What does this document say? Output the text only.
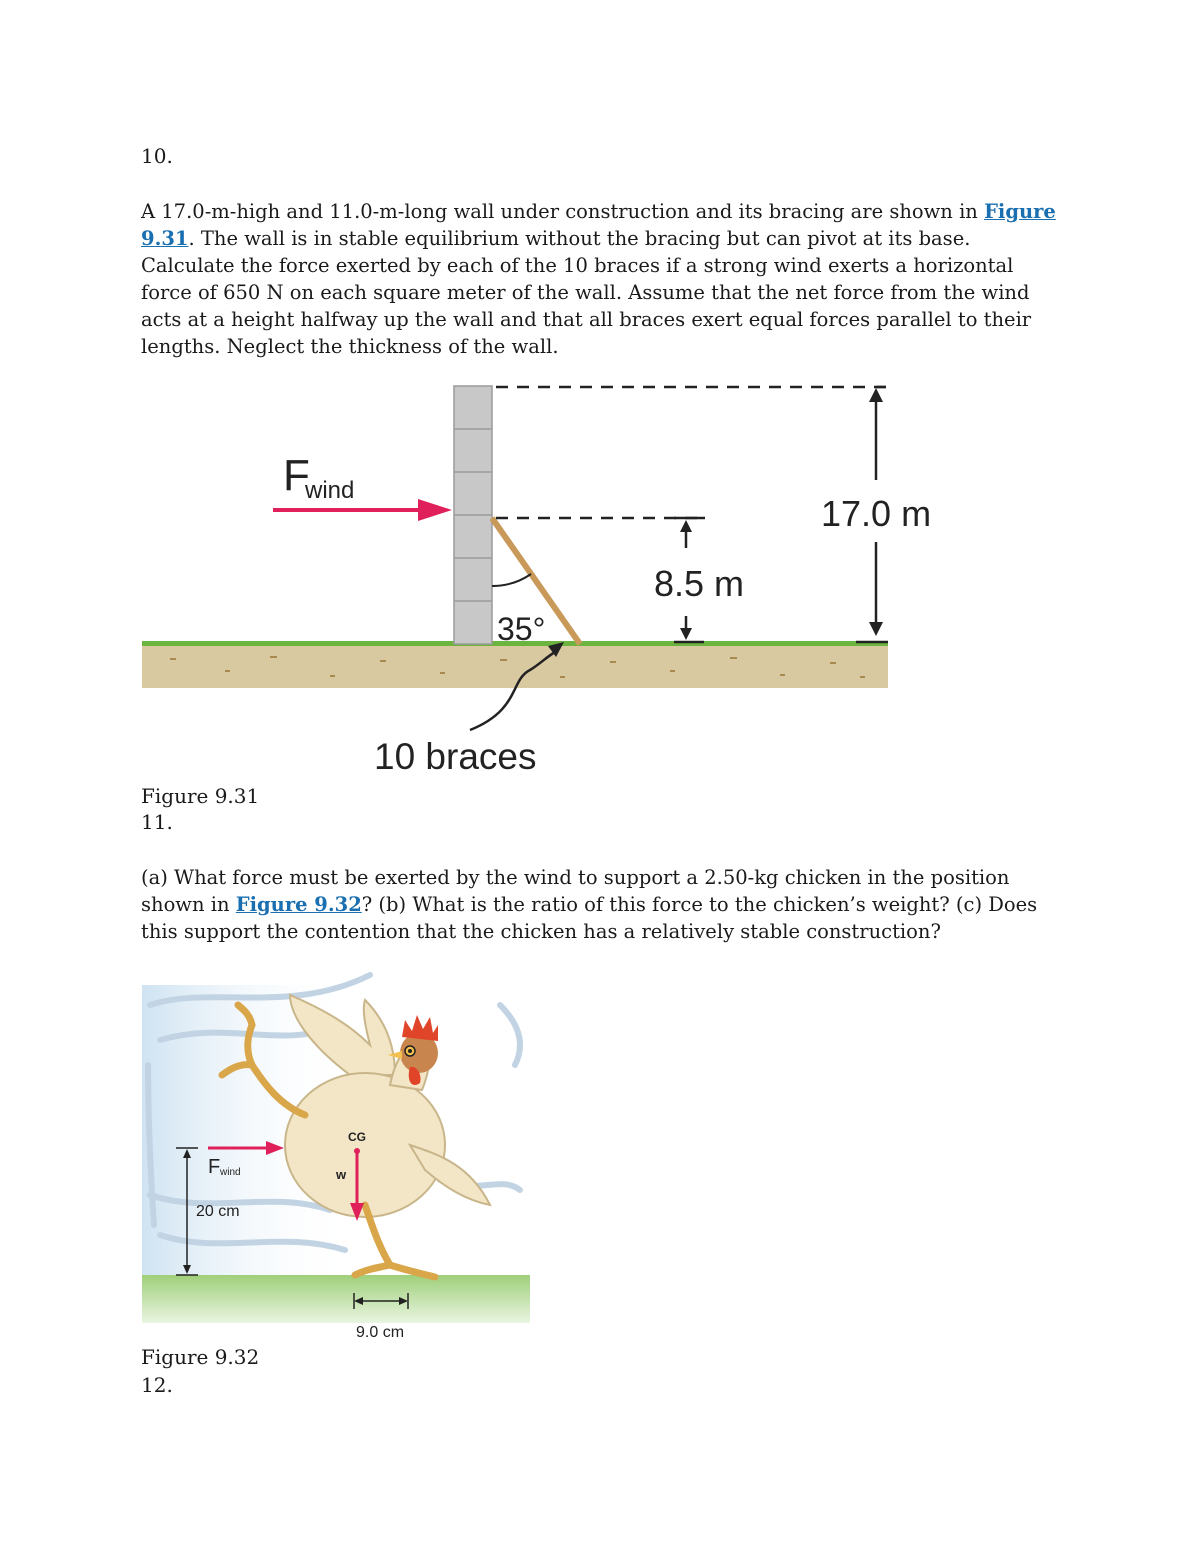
10.
A 17.0-m-high and 11.0-m-long wall under construction and its bracing are shown in Figure 9.31. The wall is in stable equilibrium without the bracing but can pivot at its base. Calculate the force exerted by each of the 10 braces if a strong wind exerts a horizontal force of 650 N on each square meter of the wall. Assume that the net force from the wind acts at a height halfway up the wall and that all braces exert equal forces parallel to their lengths. Neglect the thickness of the wall.
35°
F
wind
17.0 m
8.5 m
10 braces
Figure 9.31
11.
(a) What force must be exerted by the wind to support a 2.50-kg chicken in the position shown in Figure 9.32? (b) What is the ratio of this force to the chicken’s weight? (c) Does this support the contention that the chicken has a relatively stable construction?
20 cm
F wind
CG
w
9.0 cm
Figure 9.32
12.
